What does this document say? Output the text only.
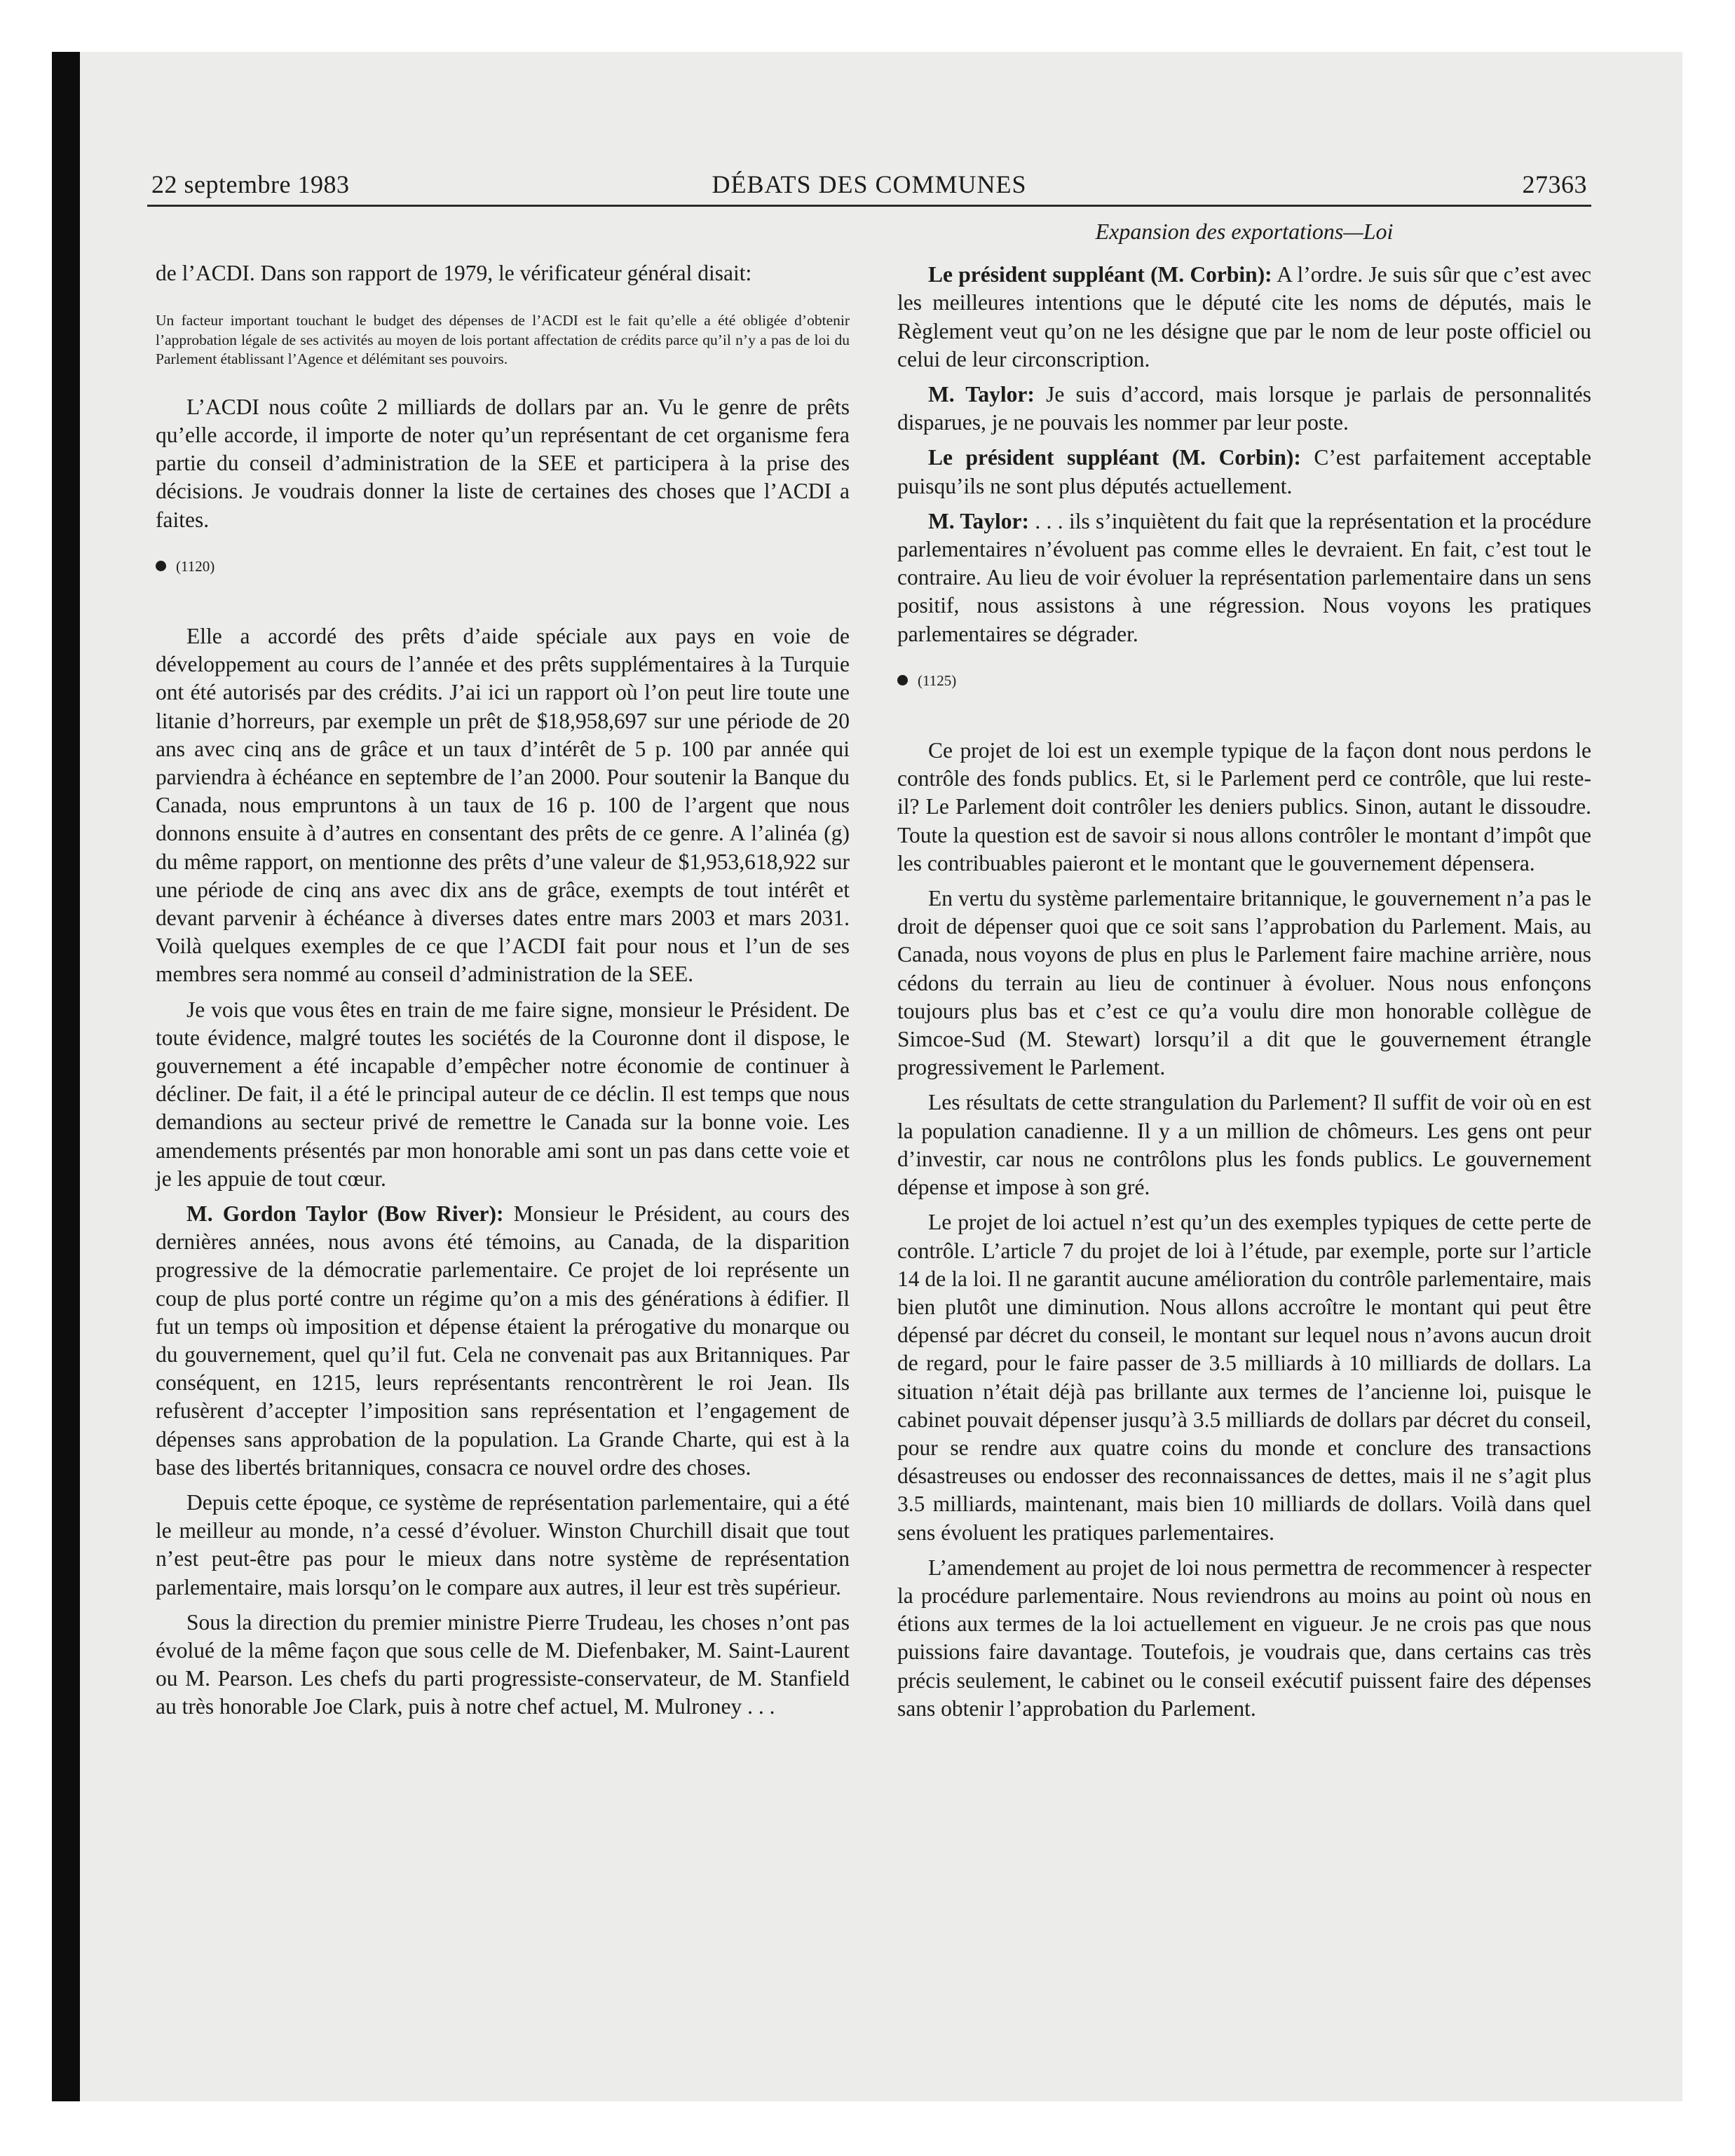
DÉBATS DES COMMUNES
22 septembre 1983	27363

de l’ACDI. Dans son rapport de 1979, le vérificateur général disait:

Un facteur important touchant le budget des dépenses de l’ACDI est le fait qu’elle a été obligée d’obtenir l’approbation légale de ses activités au moyen de lois portant affectation de crédits parce qu’il n’y a pas de loi du Parlement établissant l’Agence et délémitant ses pouvoirs.

L’ACDI nous coûte 2 milliards de dollars par an. Vu le genre de prêts qu’elle accorde, il importe de noter qu’un représentant de cet organisme fera partie du conseil d’administration de la SEE et participera à la prise des décisions. Je voudrais donner la liste de certaines des choses que l’ACDI a faites.

(1120)

Elle a accordé des prêts d’aide spéciale aux pays en voie de développement au cours de l’année et des prêts supplémentaires à la Turquie ont été autorisés par des crédits. J’ai ici un rapport où l’on peut lire toute une litanie d’horreurs, par exemple un prêt de $18,958,697 sur une période de 20 ans avec cinq ans de grâce et un taux d’intérêt de 5 p. 100 par année qui parviendra à échéance en septembre de l’an 2000. Pour soutenir la Banque du Canada, nous empruntons à un taux de 16 p. 100 de l’argent que nous donnons ensuite à d’autres en consentant des prêts de ce genre. A l’alinéa (g) du même rapport, on mentionne des prêts d’une valeur de $1,953,618,922 sur une période de cinq ans avec dix ans de grâce, exempts de tout intérêt et devant parvenir à échéance à diverses dates entre mars 2003 et mars 2031. Voilà quelques exemples de ce que l’ACDI fait pour nous et l’un de ses membres sera nommé au conseil d’administration de la SEE.

Je vois que vous êtes en train de me faire signe, monsieur le Président. De toute évidence, malgré toutes les sociétés de la Couronne dont il dispose, le gouvernement a été incapable d’empêcher notre économie de continuer à décliner. De fait, il a été le principal auteur de ce déclin. Il est temps que nous demandions au secteur privé de remettre le Canada sur la bonne voie. Les amendements présentés par mon honorable ami sont un pas dans cette voie et je les appuie de tout cœur.

M. Gordon Taylor (Bow River): Monsieur le Président, au cours des dernières années, nous avons été témoins, au Canada, de la disparition progressive de la démocratie parlementaire. Ce projet de loi représente un coup de plus porté contre un régime qu’on a mis des générations à édifier. Il fut un temps où imposition et dépense étaient la prérogative du monarque ou du gouvernement, quel qu’il fut. Cela ne convenait pas aux Britanniques. Par conséquent, en 1215, leurs représentants rencontrèrent le roi Jean. Ils refusèrent d’accepter l’imposition sans représentation et l’engagement de dépenses sans approbation de la population. La Grande Charte, qui est à la base des libertés britanniques, consacra ce nouvel ordre des choses.

Depuis cette époque, ce système de représentation parlementaire, qui a été le meilleur au monde, n’a cessé d’évoluer. Winston Churchill disait que tout n’est peut-être pas pour le mieux dans notre système de représentation parlementaire, mais lorsqu’on le compare aux autres, il leur est très supérieur.

Sous la direction du premier ministre Pierre Trudeau, les choses n’ont pas évolué de la même façon que sous celle de M. Diefenbaker, M. Saint-Laurent ou M. Pearson. Les chefs du parti progressiste-conservateur, de M. Stanfield au très honorable Joe Clark, puis à notre chef actuel, M. Mulroney . . .

Expansion des exportations—Loi

Le président suppléant (M. Corbin): A l’ordre. Je suis sûr que c’est avec les meilleures intentions que le député cite les noms de députés, mais le Règlement veut qu’on ne les désigne que par le nom de leur poste officiel ou celui de leur circonscription.

M. Taylor: Je suis d’accord, mais lorsque je parlais de personnalités disparues, je ne pouvais les nommer par leur poste.

Le président suppléant (M. Corbin): C’est parfaitement acceptable puisqu’ils ne sont plus députés actuellement.

M. Taylor: . . . ils s’inquiètent du fait que la représentation et la procédure parlementaires n’évoluent pas comme elles le devraient. En fait, c’est tout le contraire. Au lieu de voir évoluer la représentation parlementaire dans un sens positif, nous assistons à une régression. Nous voyons les pratiques parlementaires se dégrader.

(1125)

Ce projet de loi est un exemple typique de la façon dont nous perdons le contrôle des fonds publics. Et, si le Parlement perd ce contrôle, que lui reste-il? Le Parlement doit contrôler les deniers publics. Sinon, autant le dissoudre. Toute la question est de savoir si nous allons contrôler le montant d’impôt que les contribuables paieront et le montant que le gouvernement dépensera.

En vertu du système parlementaire britannique, le gouvernement n’a pas le droit de dépenser quoi que ce soit sans l’approbation du Parlement. Mais, au Canada, nous voyons de plus en plus le Parlement faire machine arrière, nous cédons du terrain au lieu de continuer à évoluer. Nous nous enfonçons toujours plus bas et c’est ce qu’a voulu dire mon honorable collègue de Simcoe-Sud (M. Stewart) lorsqu’il a dit que le gouvernement étrangle progressivement le Parlement.

Les résultats de cette strangulation du Parlement? Il suffit de voir où en est la population canadienne. Il y a un million de chômeurs. Les gens ont peur d’investir, car nous ne contrôlons plus les fonds publics. Le gouvernement dépense et impose à son gré.

Le projet de loi actuel n’est qu’un des exemples typiques de cette perte de contrôle. L’article 7 du projet de loi à l’étude, par exemple, porte sur l’article 14 de la loi. Il ne garantit aucune amélioration du contrôle parlementaire, mais bien plutôt une diminution. Nous allons accroître le montant qui peut être dépensé par décret du conseil, le montant sur lequel nous n’avons aucun droit de regard, pour le faire passer de 3.5 milliards à 10 milliards de dollars. La situation n’était déjà pas brillante aux termes de l’ancienne loi, puisque le cabinet pouvait dépenser jusqu’à 3.5 milliards de dollars par décret du conseil, pour se rendre aux quatre coins du monde et conclure des transactions désastreuses ou endosser des reconnaissances de dettes, mais il ne s’agit plus 3.5 milliards, maintenant, mais bien 10 milliards de dollars. Voilà dans quel sens évoluent les pratiques parlementaires.

L’amendement au projet de loi nous permettra de recommencer à respecter la procédure parlementaire. Nous reviendrons au moins au point où nous en étions aux termes de la loi actuellement en vigueur. Je ne crois pas que nous puissions faire davantage. Toutefois, je voudrais que, dans certains cas très précis seulement, le cabinet ou le conseil exécutif puissent faire des dépenses sans obtenir l’approbation du Parlement.
